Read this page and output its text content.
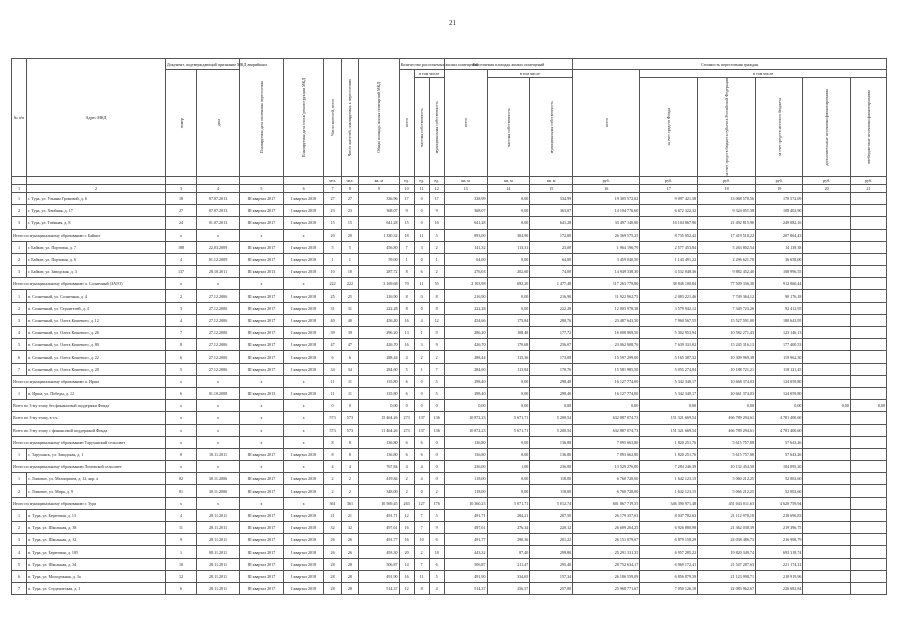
21
№ п/п	Адрес МКД	Документ, подтверждающий признание МКД аварийным		Планируемая дата окончания переселения	Планируемая дата сноса/ реконструкции МКД	Число жителей, всего	Число жителей, планируемых к переселению	Общая площадь жилых помещений МКД	Количество расселяемых жилых помещений			Расселяемая площадь жилых помещений			Стоимость переселения граждан					

		номер	дата						всего	в том числе		всего	в том числе		всего	в том числе				

										частная собственность	муниципальная собственность		частная собственность	муниципальная собственность		за счет средств Фонда	за счет средств бюджета субъекта Российской Федерации	за счет средств местного бюджета	дополнительные источники финансирования	внебюджетные источники финансирования

						чел.	чел.	кв. м	ед.	ед.	ед.	кв. м	кв. м	кв. м	руб.	руб.	руб.	руб.	руб.	руб.
1	2	3	4	5	6	7	8	9	10	11	12	13	14	15	16	17	18	19	20	21
1	г. Тура, ул. Ульяны Громовой, д. 6	18	07.07.2013	III квартал 2017	I квартал 2018	27	27	336,96	17	0	17	338,99	0,00	334,99	19 305 572,02	9 097 421,38	13 068 578,56	170 572,09		
2	г. Тура, ул. Хвойная, д. 17	27	07.07.2013	III квартал 2017	I квартал 2018	23	23	368,07	9	0	9	368,07	0,00	363,07	14 104 776,60	6 672 322,32	9 324 051,38	108 402,90		
3	г. Тура, ул. Таёжная, д. 8	24	01.07.2013	III квартал 2017	I квартал 2018	15	15	641,28	15	0	16	641,28	0,00	641,28	33 497 140,80	16 104 867,96	21 492 815,90	249 082,16		
Итого по муниципальному образованию г. Байкит		х	х	х	х	20	20	1 330,32	18	11	5	893,00	304,90	172,00	26 369 575,25	8 735 052,42	17 419 518,22	207 864,43		
1	г. Байкит, ул. Портовая, д. 7	188	22.03.2009	III квартал 2017	I квартал 2018	5	5	456,80	7	3	2	141,32	113,31	23,00	1 964 196,79	2 577 453,84	5 263 802,54	14 139,38		
2	г. Байкит, ул. Портовая, д. 6	4	01.12.2009	III квартал 2017	I квартал 2018	1	1	59,00	1	0	1	64,00	0,00	64,00	3 459 040,50	1 143 491,22	2 296 621,78	36 658,00		
3	г. Байкит, ул. Заводская, д. 3	137	28.10.2011	III квартал 2013	I квартал 2018	10	10	287,72	8	6	2	276,03	202,60	74,00	14 949 338,30	4 532 848,36	9 882 452,40	108 996,55		
Итого по муниципальному образованию п. Солнечный (ЗАТО)		х	х	х	х	222	222	3 169,68	70	11	55	2 103,98	692,20	1 477,48	117 263 779,80	38 846 100,84	77 509 336,30	912 060,44		
1	п. Солнечный, ул. Солнечная, д. 4	2	27.12.2006	III квартал 2017	I квартал 2018	25	25	216,90	8	0	8	216,90	0,00	216,90	11 922 962,75	2 083 221,46	7 749 364,12	90 176,18		
2	п. Солнечный, ул. Строителей, д. 4	3	27.12.2006	III квартал 2017	I квартал 2018	31	31	222,28	8	0	8	222,28	0,00	222,28	12 003 978,38	3 579 942,12	7 349 723,26	92 412,95		
3	п. Солнечный, ул. Олега Кошевого, д. 12	4	27.12.2006	III квартал 2017	I квартал 2018	40	40	456,40	16	4	12	454,66	175,84	280,76	23 487 643,50	7 960 567,55	15 527 591,00	180 643,95		
4	п. Солнечный, ул. Олега Кошевого, д. 26	7	27.12.2006	III квартал 2017	I квартал 2018	39	39	296,20	13	1	9	286,20	108,48	177,72	16 008 869,50	5 302 953,94	10 582 271,43	123 146,13		
5	п. Солнечный, ул. Олега Кошевого, д. 80	8	27.12.2006	III квартал 2017	I квартал 2018	47	47	426,70	16	3	9	426,70	170,68	256,07	23 062 008,76	7 639 331,02	15 245 316,13	177 400,53		
6	п. Солнечный, ул. Олега Кошевого, д. 22	6	27.12.2006	III квартал 2017	I квартал 2018	6	6	288,44	4	2	2	288,44	115,36	173,08	15 597 299,00	5 165 387,32	10 309 969,38	119 962,30		
7	п. Солнечный, ул. Олега Кошевого, д. 20	5	27.12.2006	III квартал 2017	I квартал 2018	34	34	284,60	5	1	7	284,60	113,84	170,76	15 581 985,50	5 055 274,84	10 188 721,21	118 121,45		
Итого по муниципальному образованию п. Ирша		х	х	х	х	11	11	135,80	6	0	5	298,40	0,00	298,40	16 127 774,00	5 342 340,17	10 668 374,03	124 059,80		
1	п. Ирша, ул. Победы, д. 12	6	01.10.2008	III квартал 2013	I квартал 2018	11	11	135,80	6	0	5	298,40	0,00	298,40	16 127 774,00	5 342 340,17	10 661 374,03	124 059,80		
Всего по 3-му этапу без финансовой поддержки Фонда		х	х	х	х	0	0	0,00	0	0	0	0,00	0,00	0,00	0,00	0,00	0,00	0,00	0,00	0,00
Всего по 3-му этапу, в т.ч.		х	х	х	х	573	573	15 464,26	273	137	136	10 872,23	5 671,71	5 200,54	632 887 074,73	151 321 669,54	466 789 294,61	4 781 400,60		
Всего по 3-му этапу с финансовой поддержкой Фонда		х	х	х	х	573	573	11 464,26	273	137	136	10 872,23	5 671,71	5 200,54	632 887 074,73	151 321 669,54	466 789 294,61	4 781 400,60		
Итого по муниципальному образованию Таруханский сельсовет		х	х	х	х	8	8	136,80	6	6	0	136,80	0,00	136,80	7 095 663,80	1 820 251,76	5 615 757,08	57 643,26		
1	с. Таруханск, ул. Заводская, д. 1	8	18.11.2011	III квартал 2017	I квартал 2018	8	8	136,80	6	6	0	136,80	0,00	136,80	7 093 662,80	1 820 251,76	5 615 757,08	57 643,26		
Итого по муниципальному образованию Ломовской сельсовет		х	х	х	х	4	4	767,84	4	4	0	236,00	1,00	236,00	13 529 276,00	7 284 246,39	10 132 454,30	104 095,20		
1	с. Ломовое, ул. Мелиоратов, д. 12, кор. а	02	30.11.2006	III квартал 2017	I квартал 2018	2	2	419,84	2	4	0	118,00	0,00	118,00	6 760 728,00	1 642 123,15	5 060 212,25	52 002,60		
2	с. Ломовое, ул. Мира, д. 9	01	30.11.2006	III квартал 2017	I квартал 2018	2	2	348,00	2	0	2	118,00	0,00	118,00	6 760 728,00	1 642 123,15	5 066 212,25	52 002,60		
Итого по муниципальному образованию г. Тура		х	х	х	х	361	361	10 569,45	263	127	176	10 360,23	5 071,71	5 012,74	601 867 719,55	346 390 971,48	451 043 011,63	4 620 759,94		
1	п. Тура, ул. Береговая, д. 13	4	28.11.2011	III квартал 2017	I квартал 2018	21	21	491,71	12	7	5	491,71	284,21	207,50	26 179 357,63	8 047 782,63	21 112 978,18	218 696,83		
2	п. Тура, ул. Школьная, д. 38	11	28.11.2011	III квартал 2017	I квартал 2018	32	32	497,61	16	7	9	497,61	276,34	220,12	26 609 204,25	6 926 880,98	21 362 038,39	219 396,75		
3	п. Тура, ул. Школьная, д. 32	9	28.11.2011	III квартал 2017	I квартал 2018	26	26	491,77	16	10	6	491,77	290,36	201,22	26 151 079,67	6 879 158,29	24 038 486,73	216 908,79		
4	п. Тура, ул. Береговая, д. 105	1	08.11.2011	III квартал 2017	I квартал 2018	26	26	493,30	20	2	18	443,32	87,40	299,80	25 291 331,35	6 957 285,22	19 820 349,74	693 318,74		
5	п. Тура, ул. Школьная, д. 34	10	28.11.2011	III квартал 2017	I квартал 2018	28	28	506,87	14	7	6	506,87	211,47	295,40	28 752 634,17	6 969 172,41	21 547 287,63	221 174,12		
6	п. Тура, ул. Молодежная, д. 3а	12	28.11.2011	III квартал 2017	I квартал 2018	28	28	491,90	16	11	5	491,90	334,65	157,34	26 186 559,09	6 856 879,39	21 123 998,71	218 919,96		
7	п. Тура, ул. Студенческая, д. 1	6	28.11.2011	III квартал 2017	I квартал 2018	28	28	514,37	12	8	4	514,37	256,57	257,80	25 968 771,67	7 050 126,18	22 083 962,67	226 682,84		
